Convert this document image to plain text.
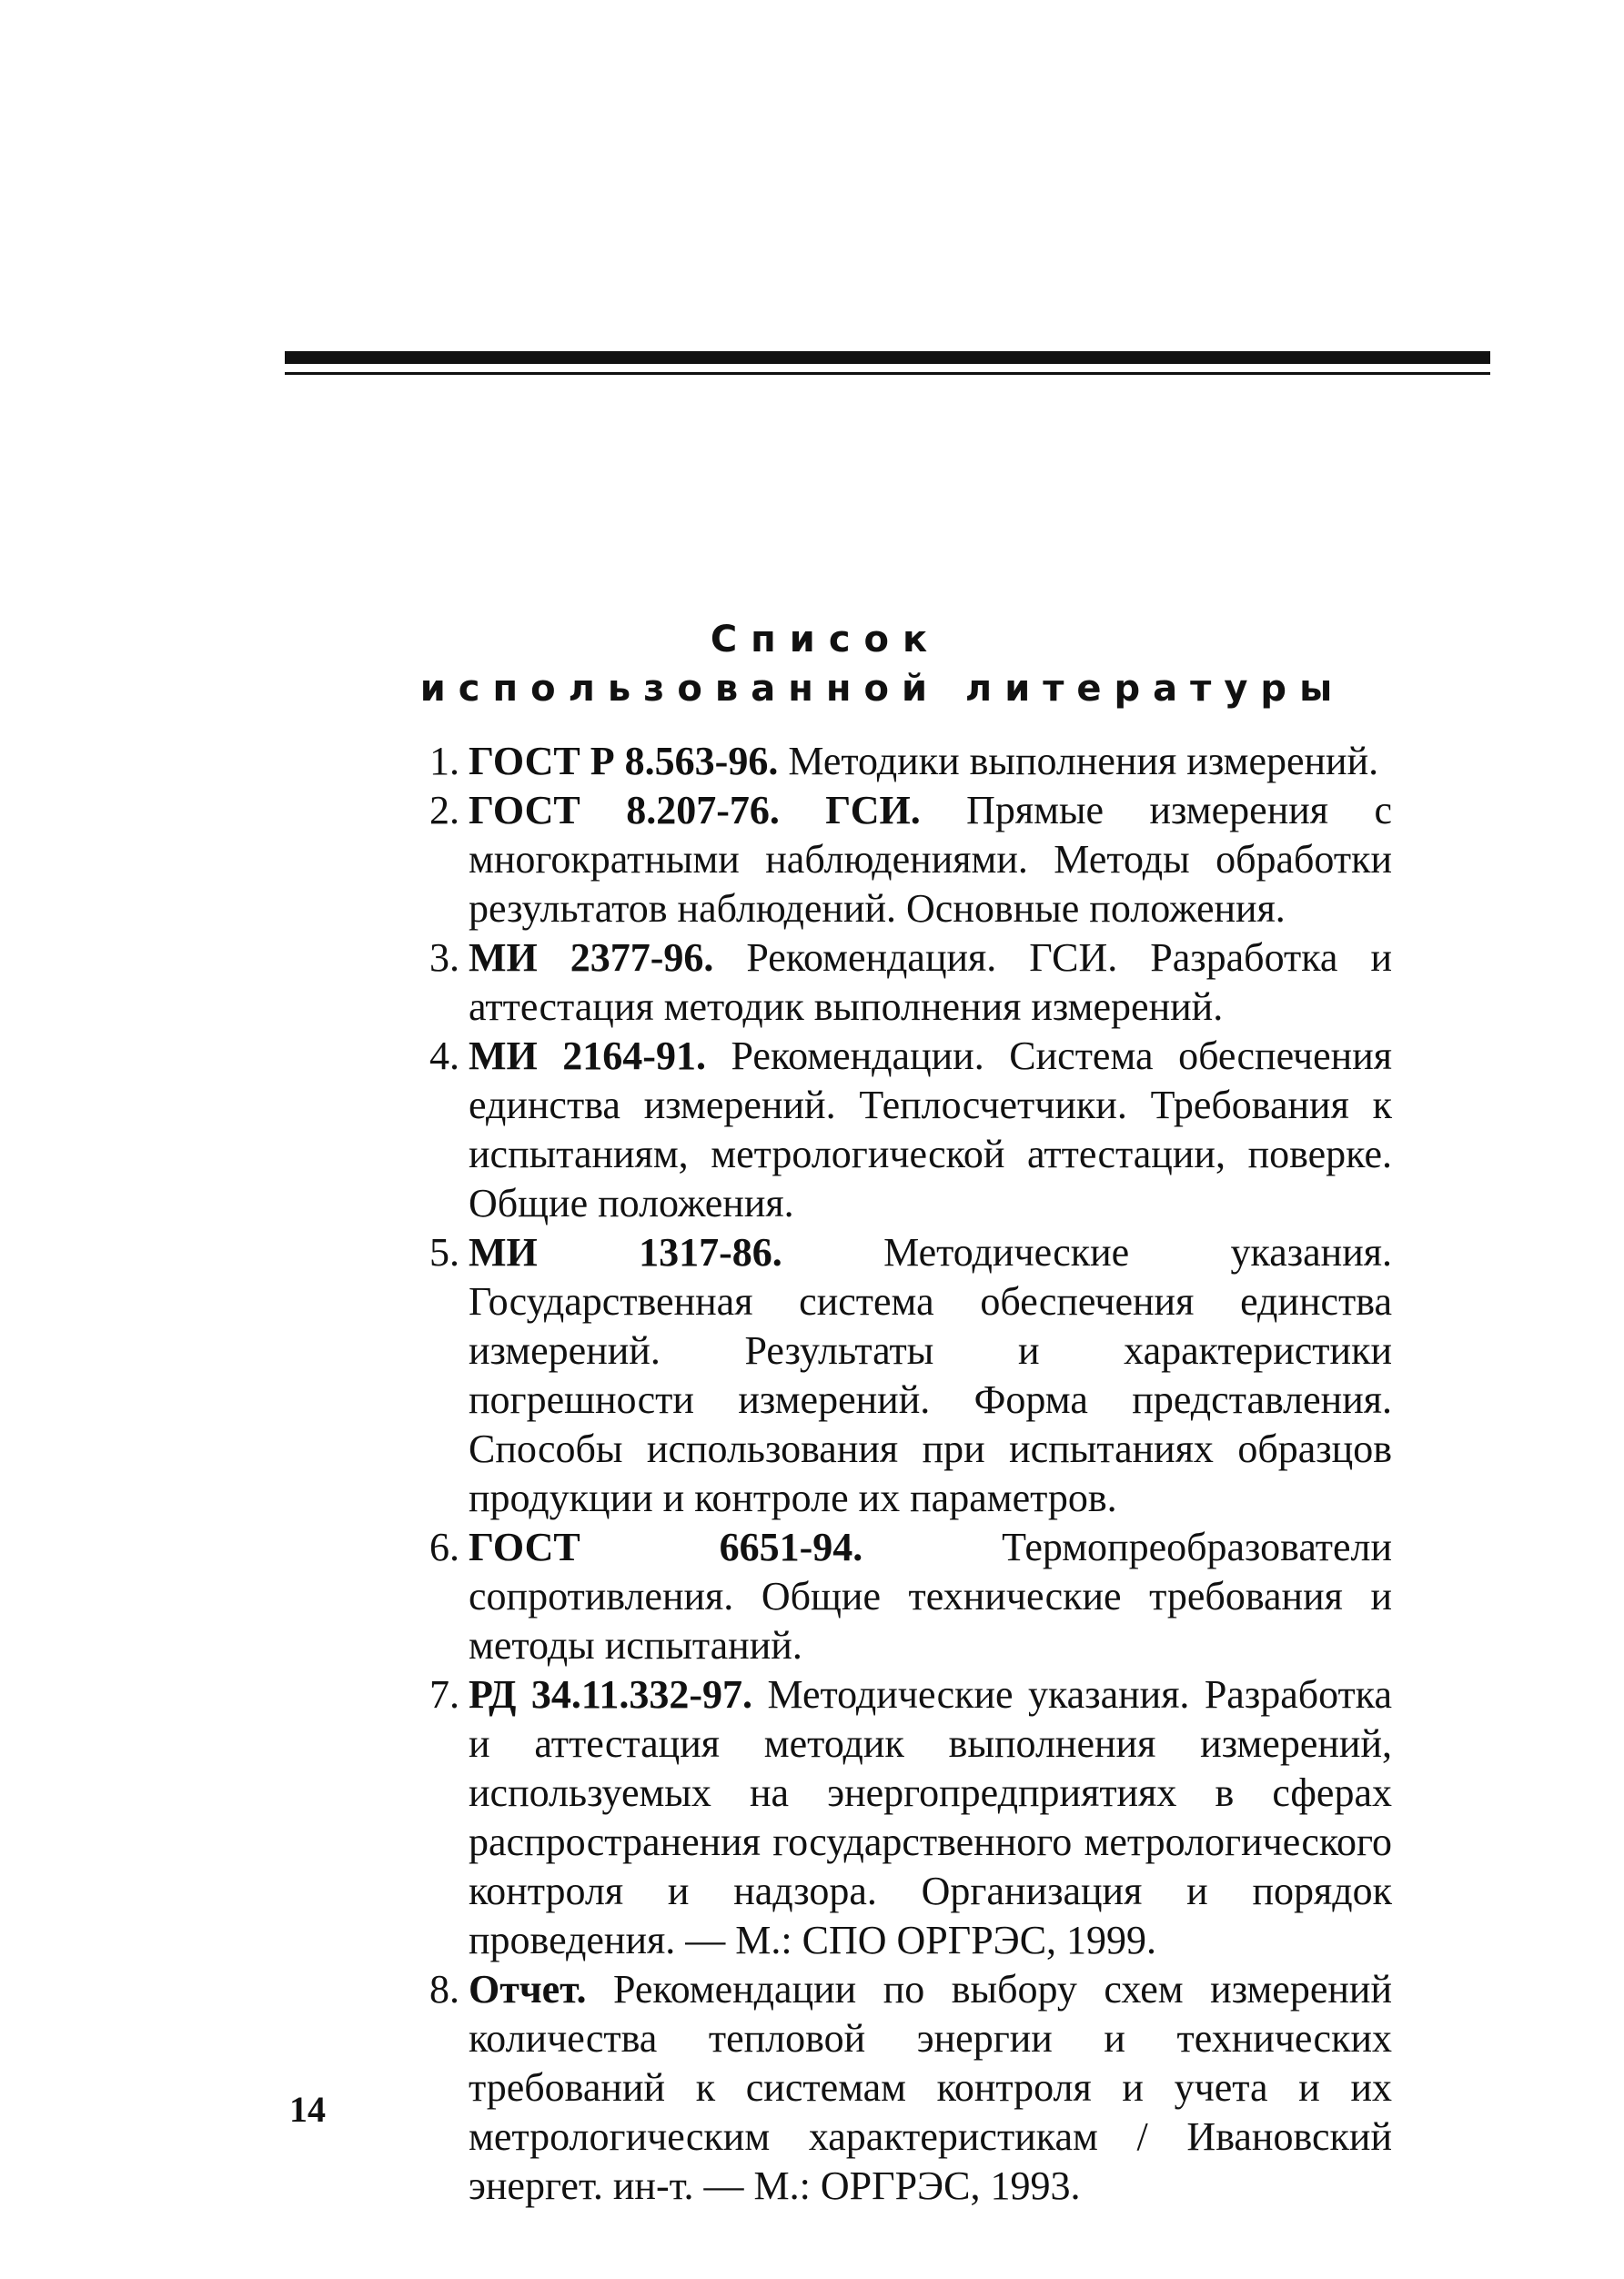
Список
использованной литературы
1. ГОСТ Р 8.563-96. Методики выполнения измерений.
2. ГОСТ 8.207-76. ГСИ. Прямые измерения с многократными наблюдениями. Методы обработки результатов наблюдений. Основные положения.
3. МИ 2377-96. Рекомендация. ГСИ. Разработка и аттестация методик выполнения измерений.
4. МИ 2164-91. Рекомендации. Система обеспечения единства измерений. Теплосчетчики. Требования к испытаниям, метрологической аттестации, поверке. Общие положения.
5. МИ 1317-86. Методические указания. Государственная система обеспечения единства измерений. Результаты и характеристики погрешности измерений. Форма представления. Способы использования при испытаниях образцов продукции и контроле их параметров.
6. ГОСТ 6651-94. Термопреобразователи сопротивления. Общие технические требования и методы испытаний.
7. РД 34.11.332-97. Методические указания. Разработка и аттестация методик выполнения измерений, используемых на энергопредприятиях в сферах распространения государственного метрологического контроля и надзора. Организация и порядок проведения. — М.: СПО ОРГРЭС, 1999.
8. Отчет. Рекомендации по выбору схем измерений количества тепловой энергии и технических требований к системам контроля и учета и их метрологическим характеристикам / Ивановский энергет. ин-т. — М.: ОРГРЭС, 1993.
14
